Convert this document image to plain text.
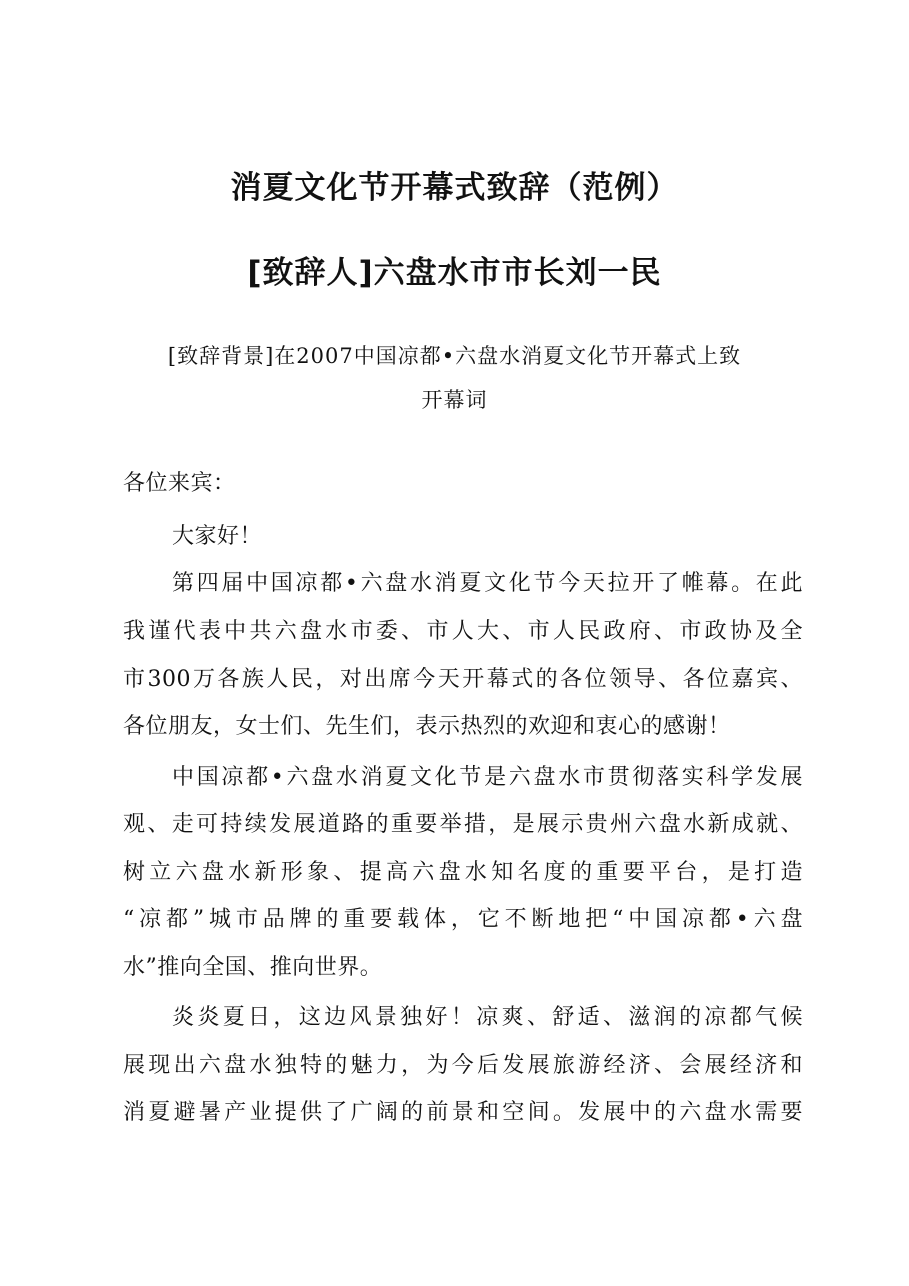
消夏文化节开幕式致辞（范例）
[致辞人]六盘水市市长刘一民
[致辞背景]在2007中国凉都•六盘水消夏文化节开幕式上致
开幕词
各位来宾：
大家好！
第四届中国凉都•六盘水消夏文化节今天拉开了帷幕。在此
我谨代表中共六盘水市委、市人大、市人民政府、市政协及全
市300万各族人民，对出席今天开幕式的各位领导、各位嘉宾、
各位朋友，女士们、先生们，表示热烈的欢迎和衷心的感谢！
中国凉都•六盘水消夏文化节是六盘水市贯彻落实科学发展
观、走可持续发展道路的重要举措，是展示贵州六盘水新成就、
树立六盘水新形象、提高六盘水知名度的重要平台，是打造
“凉都”城市品牌的重要载体，它不断地把“中国凉都•六盘
水”推向全国、推向世界。
炎炎夏日，这边风景独好！凉爽、舒适、滋润的凉都气候
展现出六盘水独特的魅力，为今后发展旅游经济、会展经济和
消夏避暑产业提供了广阔的前景和空间。发展中的六盘水需要
